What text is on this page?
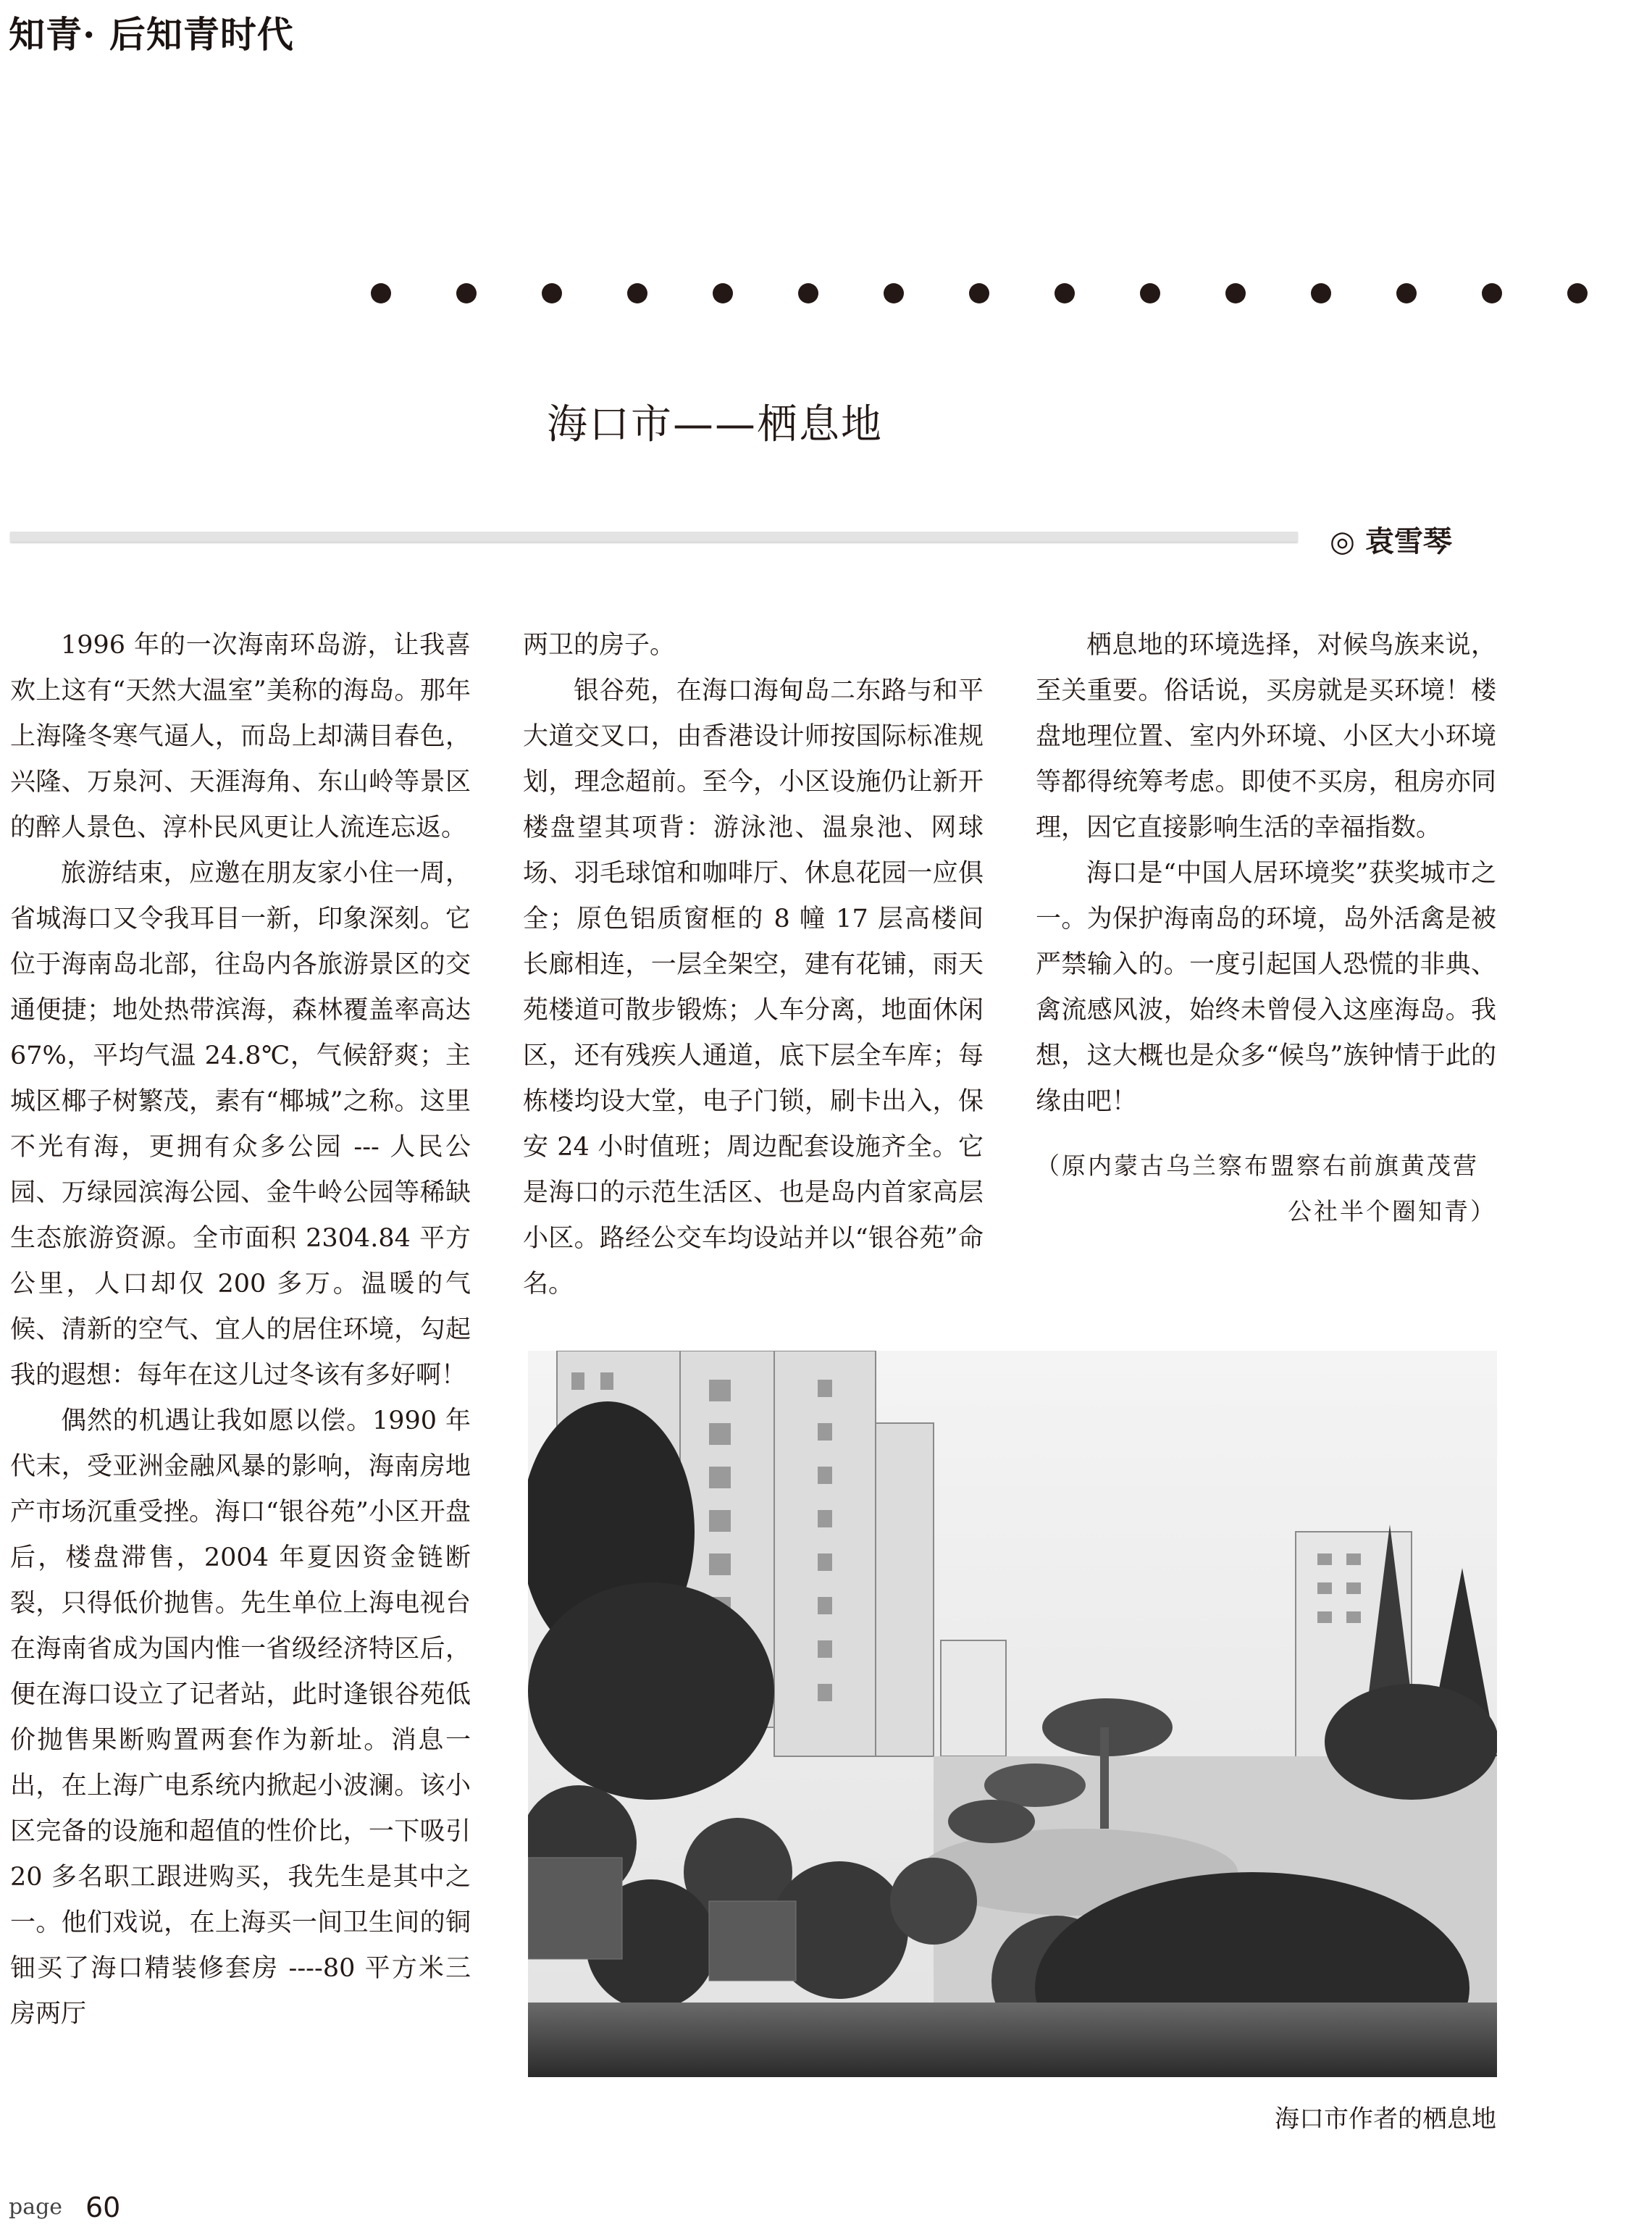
知青· 后知青时代
海口市——栖息地
◎ 袁雪琴

1996 年的一次海南环岛游，让我喜欢上这有“天然大温室”美称的海岛。那年上海隆冬寒气逼人，而岛上却满目春色，兴隆、万泉河、天涯海角、东山岭等景区的醉人景色、淳朴民风更让人流连忘返。

旅游结束，应邀在朋友家小住一周，省城海口又令我耳目一新，印象深刻。它位于海南岛北部，往岛内各旅游景区的交通便捷；地处热带滨海，森林覆盖率高达 67%，平均气温 24.8℃，气候舒爽；主城区椰子树繁茂，素有“椰城”之称。这里不光有海，更拥有众多公园 --- 人民公园、万绿园滨海公园、金牛岭公园等稀缺生态旅游资源。全市面积 2304.84 平方公里，人口却仅 200 多万。温暖的气候、清新的空气、宜人的居住环境，勾起我的遐想：每年在这儿过冬该有多好啊！

偶然的机遇让我如愿以偿。1990 年代末，受亚洲金融风暴的影响，海南房地产市场沉重受挫。海口“银谷苑”小区开盘后，楼盘滞售，2004 年夏因资金链断裂，只得低价抛售。先生单位上海电视台在海南省成为国内惟一省级经济特区后，便在海口设立了记者站，此时逢银谷苑低价抛售果断购置两套作为新址。消息一出，在上海广电系统内掀起小波澜。该小区完备的设施和超值的性价比，一下吸引 20 多名职工跟进购买，我先生是其中之一。他们戏说，在上海买一间卫生间的铜钿买了海口精装修套房 ----80 平方米三房两厅

两卫的房子。

银谷苑，在海口海甸岛二东路与和平大道交叉口，由香港设计师按国际标准规划，理念超前。至今，小区设施仍让新开楼盘望其项背：游泳池、温泉池、网球场、羽毛球馆和咖啡厅、休息花园一应俱全；原色铝质窗框的 8 幢 17 层高楼间长廊相连，一层全架空，建有花铺，雨天苑楼道可散步锻炼；人车分离，地面休闲区，还有残疾人通道，底下层全车库；每栋楼均设大堂，电子门锁，刷卡出入，保安 24 小时值班；周边配套设施齐全。它是海口的示范生活区、也是岛内首家高层小区。路经公交车均设站并以“银谷苑”命名。

栖息地的环境选择，对候鸟族来说，至关重要。俗话说，买房就是买环境！楼盘地理位置、室内外环境、小区大小环境等都得统筹考虑。即使不买房，租房亦同理，因它直接影响生活的幸福指数。

海口是“中国人居环境奖”获奖城市之一。为保护海南岛的环境，岛外活禽是被严禁输入的。一度引起国人恐慌的非典、禽流感风波，始终未曾侵入这座海岛。我想，这大概也是众多“候鸟”族钟情于此的缘由吧！

（原内蒙古乌兰察布盟察右前旗黄茂营
公社半个圈知青）

海口市作者的栖息地
page 60
